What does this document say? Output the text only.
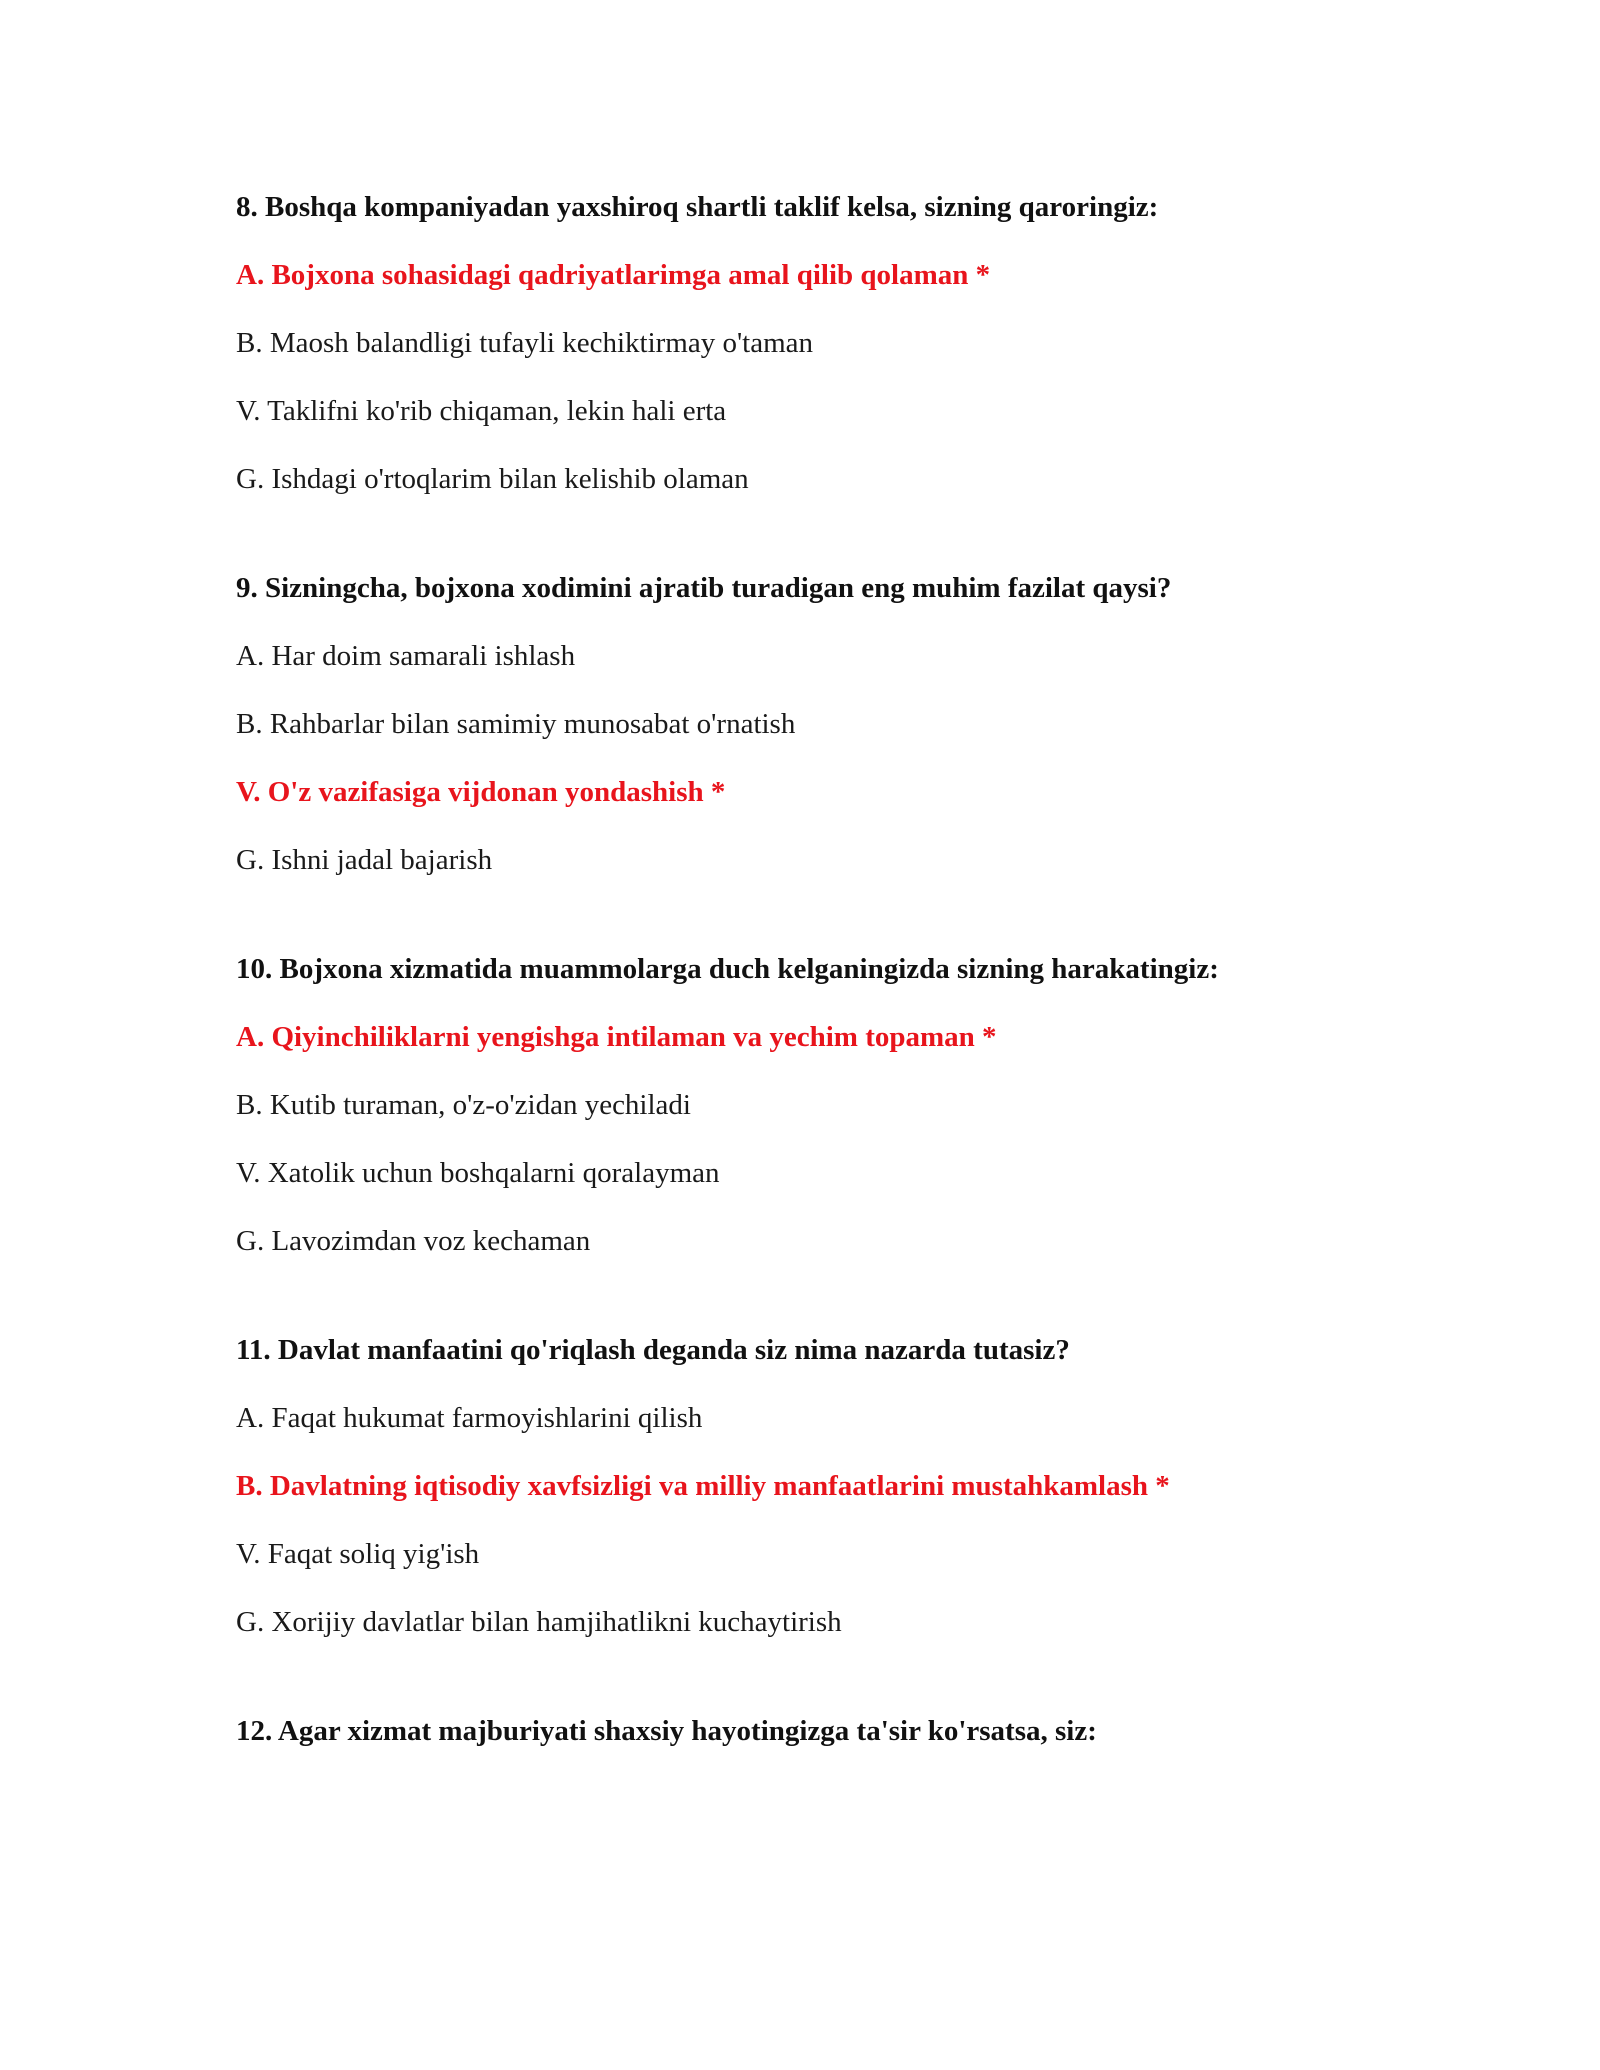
8. Boshqa kompaniyadan yaxshiroq shartli taklif kelsa, sizning qaroringiz:
A. Bojxona sohasidagi qadriyatlarimga amal qilib qolaman *
B. Maosh balandligi tufayli kechiktirmay o'taman
V. Taklifni ko'rib chiqaman, lekin hali erta
G. Ishdagi o'rtoqlarim bilan kelishib olaman
9. Sizningcha, bojxona xodimini ajratib turadigan eng muhim fazilat qaysi?
A. Har doim samarali ishlash
B. Rahbarlar bilan samimiy munosabat o'rnatish
V. O'z vazifasiga vijdonan yondashish *
G. Ishni jadal bajarish
10. Bojxona xizmatida muammolarga duch kelganingizda sizning harakatingiz:
A. Qiyinchiliklarni yengishga intilaman va yechim topaman *
B. Kutib turaman, o'z-o'zidan yechiladi
V. Xatolik uchun boshqalarni qoralayman
G. Lavozimdan voz kechaman
11. Davlat manfaatini qo'riqlash deganda siz nima nazarda tutasiz?
A. Faqat hukumat farmoyishlarini qilish
B. Davlatning iqtisodiy xavfsizligi va milliy manfaatlarini mustahkamlash *
V. Faqat soliq yig'ish
G. Xorijiy davlatlar bilan hamjihatlikni kuchaytirish
12. Agar xizmat majburiyati shaxsiy hayotingizga ta'sir ko'rsatsa, siz:
